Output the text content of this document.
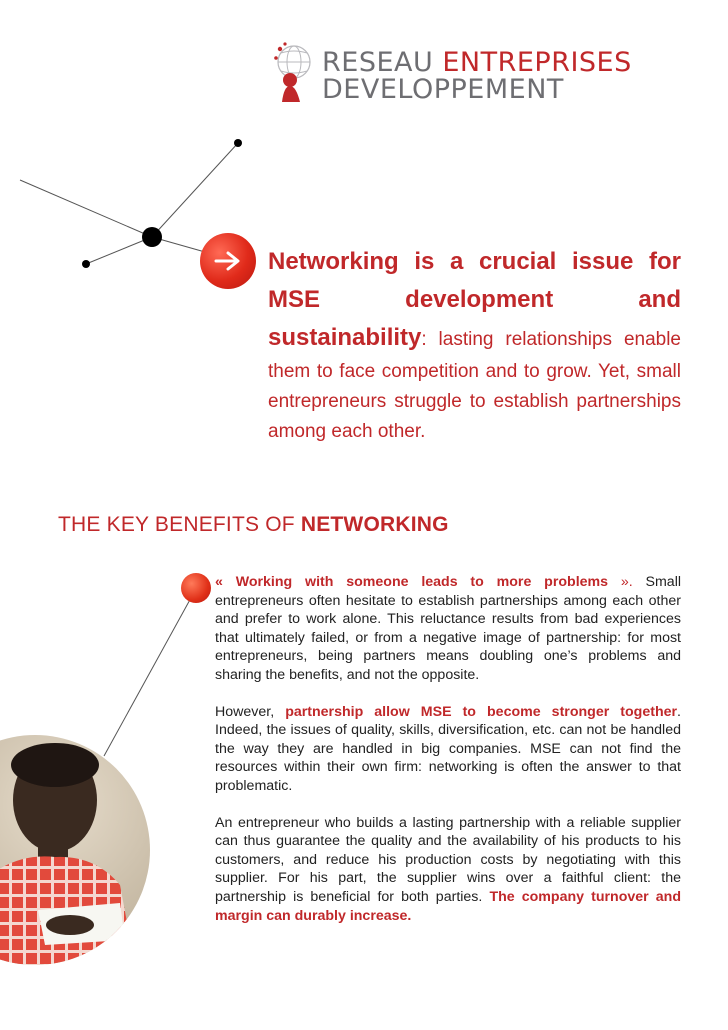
RESEAU ENTREPRISES
DEVELOPPEMENT

Networking is a crucial issue for MSE development and sustainability: lasting relationships enable them to face competition and to grow. Yet, small entrepreneurs struggle to establish partnerships among each other.

THE KEY BENEFITS OF NETWORKING

« Working with someone leads to more problems ». Small entrepreneurs often hesitate to establish partnerships among each other and prefer to work alone. This reluctance results from bad experiences that ultimately failed, or from a negative image of partnership: for most entrepreneurs, being partners means doubling one’s problems and sharing the benefits, and not the opposite.

However, partnership allow MSE to become stronger together. Indeed, the issues of quality, skills, diversification, etc. can not be handled the way they are handled in big companies. MSE can not find the resources within their own firm: networking is often the answer to that problematic.

An entrepreneur who builds a lasting partnership with a reliable supplier can thus guarantee the quality and the availability of his products to his customers, and reduce his production costs by negotiating with this supplier. For his part, the supplier wins over a faithful client: the partnership is beneficial for both parties. The company turnover and margin can durably increase.
